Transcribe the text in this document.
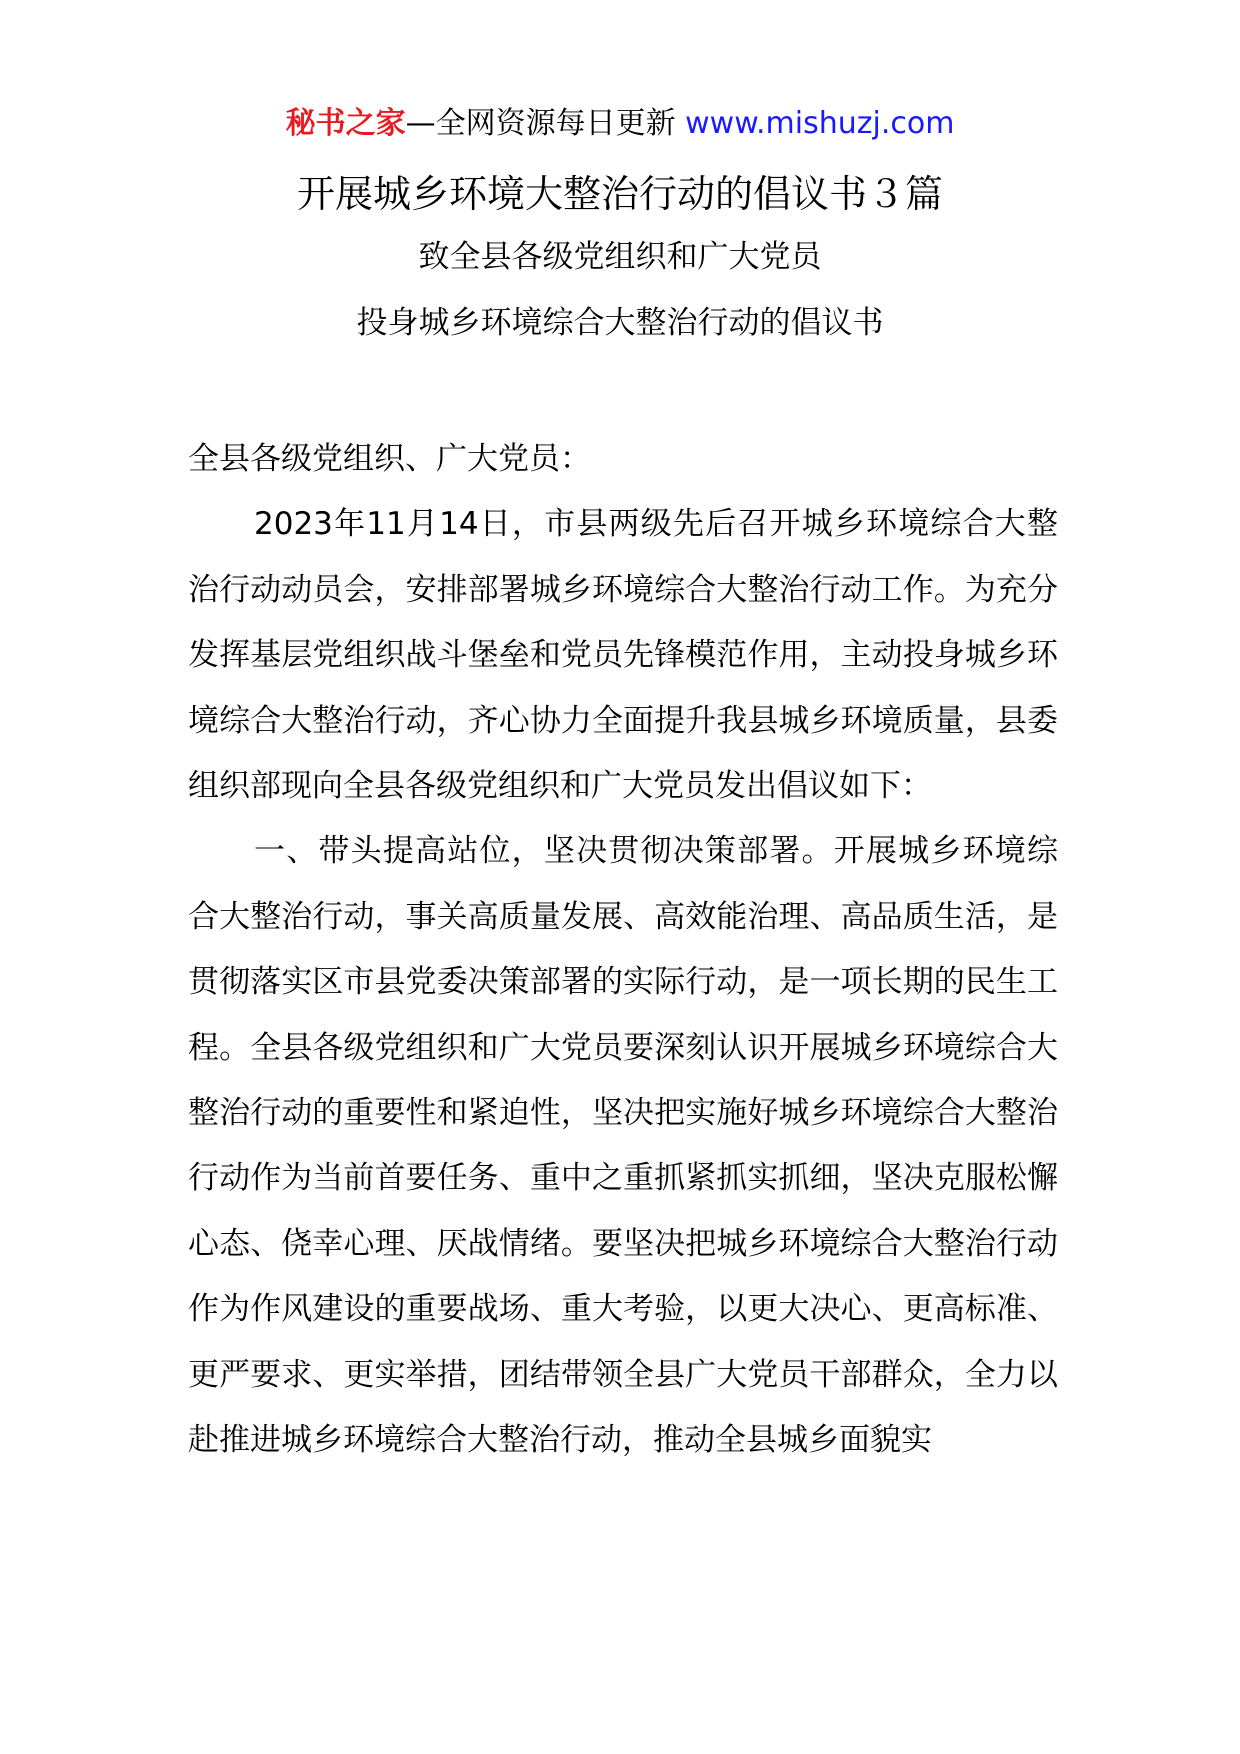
秘书之家—全网资源每日更新 www.mishuzj.com
开展城乡环境大整治行动的倡议书３篇
致全县各级党组织和广大党员
投身城乡环境综合大整治行动的倡议书

全县各级党组织、广大党员：

2023年11月14日，市县两级先后召开城乡环境综合大整治行动动员会，安排部署城乡环境综合大整治行动工作。为充分发挥基层党组织战斗堡垒和党员先锋模范作用，主动投身城乡环境综合大整治行动，齐心协力全面提升我县城乡环境质量，县委组织部现向全县各级党组织和广大党员发出倡议如下：

一、带头提高站位，坚决贯彻决策部署。开展城乡环境综合大整治行动，事关高质量发展、高效能治理、高品质生活，是贯彻落实区市县党委决策部署的实际行动，是一项长期的民生工程。全县各级党组织和广大党员要深刻认识开展城乡环境综合大整治行动的重要性和紧迫性，坚决把实施好城乡环境综合大整治行动作为当前首要任务、重中之重抓紧抓实抓细，坚决克服松懈心态、侥幸心理、厌战情绪。要坚决把城乡环境综合大整治行动作为作风建设的重要战场、重大考验，以更大决心、更高标准、更严要求、更实举措，团结带领全县广大党员干部群众，全力以赴推进城乡环境综合大整治行动，推动全县城乡面貌实
